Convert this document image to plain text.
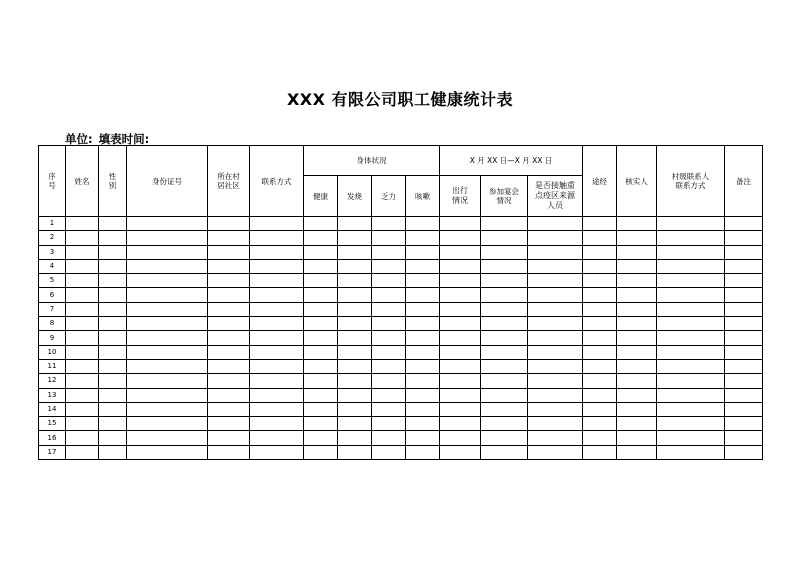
XXX 有限公司职工健康统计表
单位: 填表时间:
序号	姓名	性别	身份证号	所在村居社区	联系方式	身体状况				X 月 XX 日—X 月 XX 日			途经	核实人	村级联系人联系方式	备注
						健康	发烧	乏力	咳嗽	出行情况	参加宴会情况	是否接触重点疫区来源人员				
1																
2																
3																
4																
5																
6																
7																
8																
9																
10																
11																
12																
13																
14																
15																
16																
17																
